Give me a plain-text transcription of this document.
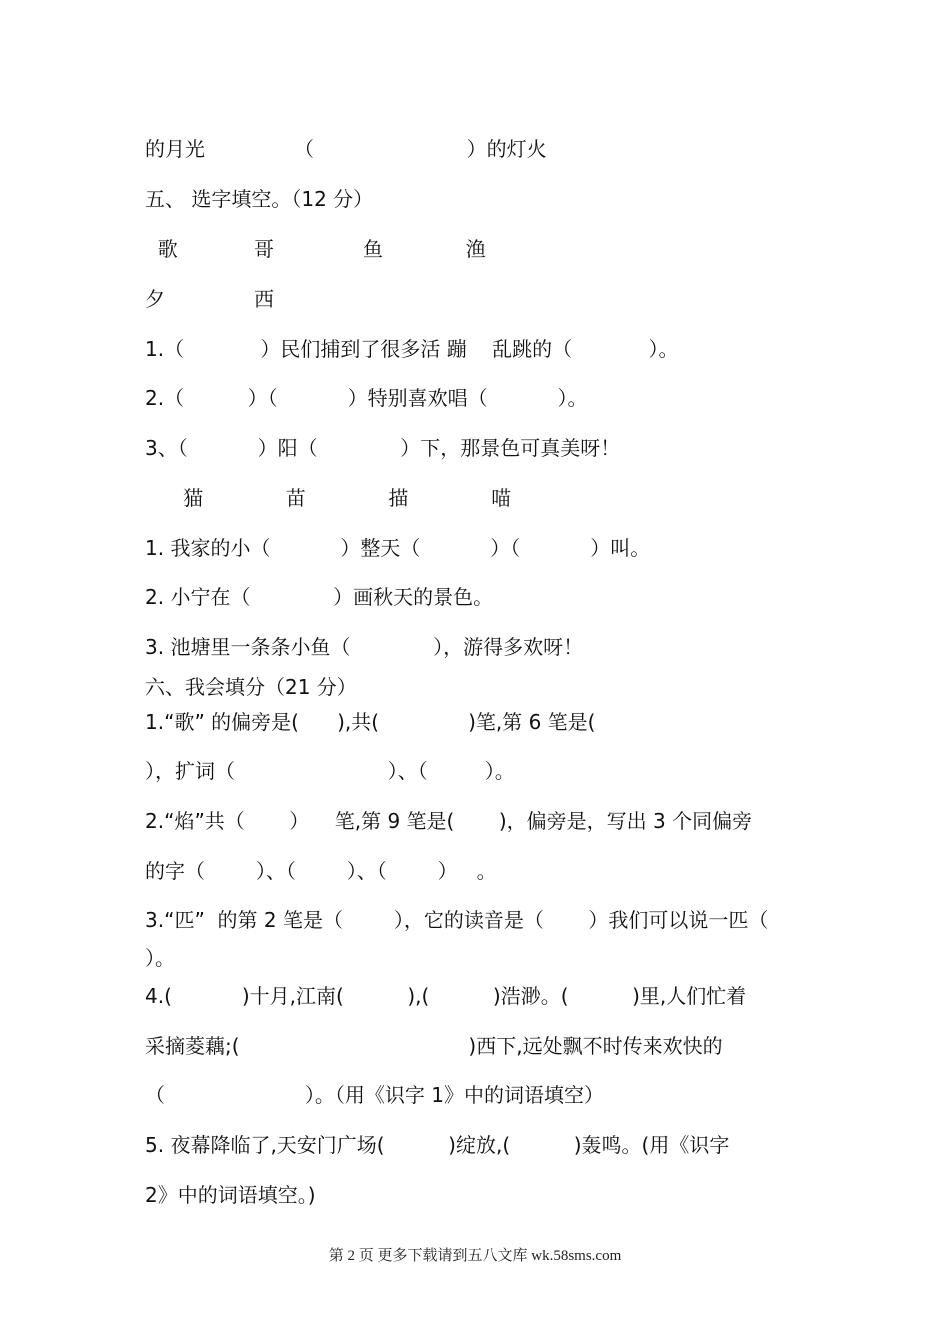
的月光              （                        ）的灯火
五、 选字填空。（12 分）
歌            哥              鱼             渔
夕              西
1.（            ）民们捕到了很多活 蹦    乱跳的（            ）。
2.（          ）（           ）特别喜欢唱（           ）。
3、（           ）阳（             ）下，那景色可真美呀！
猫             苗             描             喵
1. 我家的小（           ）整天（           ）（           ）叫。
2. 小宁在（             ）画秋天的景色。
3. 池塘里一条条小鱼（             ），游得多欢呀！
六、我会填分（21 分）
1.“歌” 的偏旁是(      ),共(              )笔,第 6 笔是(
），扩词（                        ）、（         ）。
2.“焰”共（       ）    笔,第 9 笔是(       )，偏旁是，写出 3 个同偏旁
的字（        ）、（        ）、（        ）   。
3.“匹”  的第 2 笔是（        ），它的读音是（       ）我们可以说一匹（
）。
4.(           )十月,江南(          ),(          )浩渺。(          )里,人们忙着
采摘菱藕;(                                    )西下,远处飘不时传来欢快的
（                      ）。（用《识字 1》中的词语填空）
5. 夜幕降临了,天安门广场(          )绽放,(          )轰鸣。(用《识字
2》中的词语填空。)
第 2 页 更多下载请到五八文库 wk.58sms.com
